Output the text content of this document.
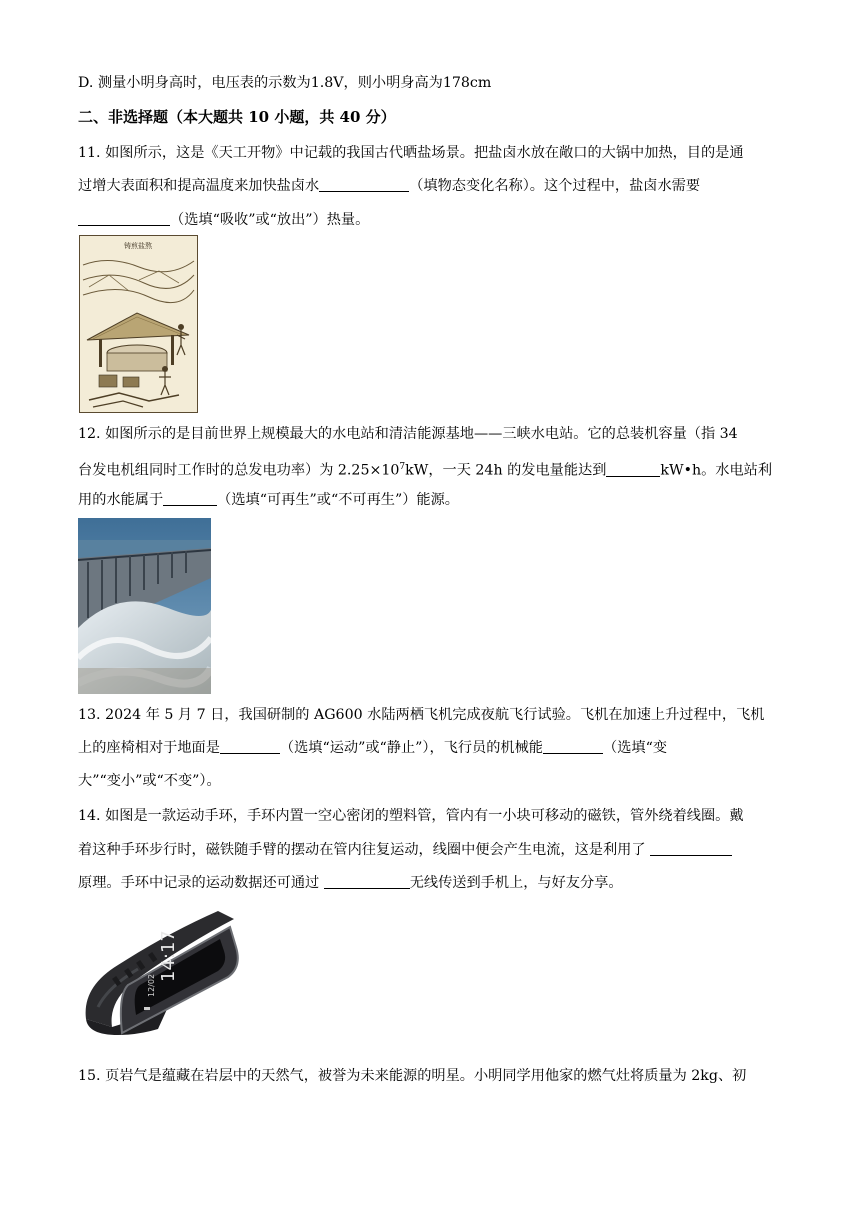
D. 测量小明身高时，电压表的示数为1.8V，则小明身高为178cm
二、非选择题（本大题共 10 小题，共 40 分）
11. 如图所示，这是《天工开物》中记载的我国古代晒盐场景。把盐卤水放在敞口的大锅中加热，目的是通
过增大表面积和提高温度来加快盐卤水	（填物态变化名称）。这个过程中，盐卤水需要
（选填“吸收”或“放出”）热量。
铸煎盐熬
12. 如图所示的是目前世界上规模最大的水电站和清洁能源基地——三峡水电站。它的总装机容量（指 34
台发电机组同时工作时的总发电功率）为 $2.25\times 10^7kW$，一天 24h 的发电量能达到	kW•h。水电站利
用的水能属于	（选填“可再生”或“不可再生”）能源。
13. 2024 年 5 月 7 日，我国研制的 AG600 水陆两栖飞机完成夜航飞行试验。飞机在加速上升过程中，飞机
上的座椅相对于地面是	（选填“运动”或“静止”），飞行员的机械能	（选填“变
大”“变小”或“不变”）。
14. 如图是一款运动手环，手环内置一空心密闭的塑料管，管内有一小块可移动的磁铁，管外绕着线圈。戴
着这种手环步行时，磁铁随手臂的摆动在管内往复运动，线圈中便会产生电流，这是利用了
原理。手环中记录的运动数据还可通过	无线传送到手机上，与好友分享。
14:17
12/02
15. 页岩气是蕴藏在岩层中的天然气，被誉为未来能源的明星。小明同学用他家的燃气灶将质量为 2kg、初
